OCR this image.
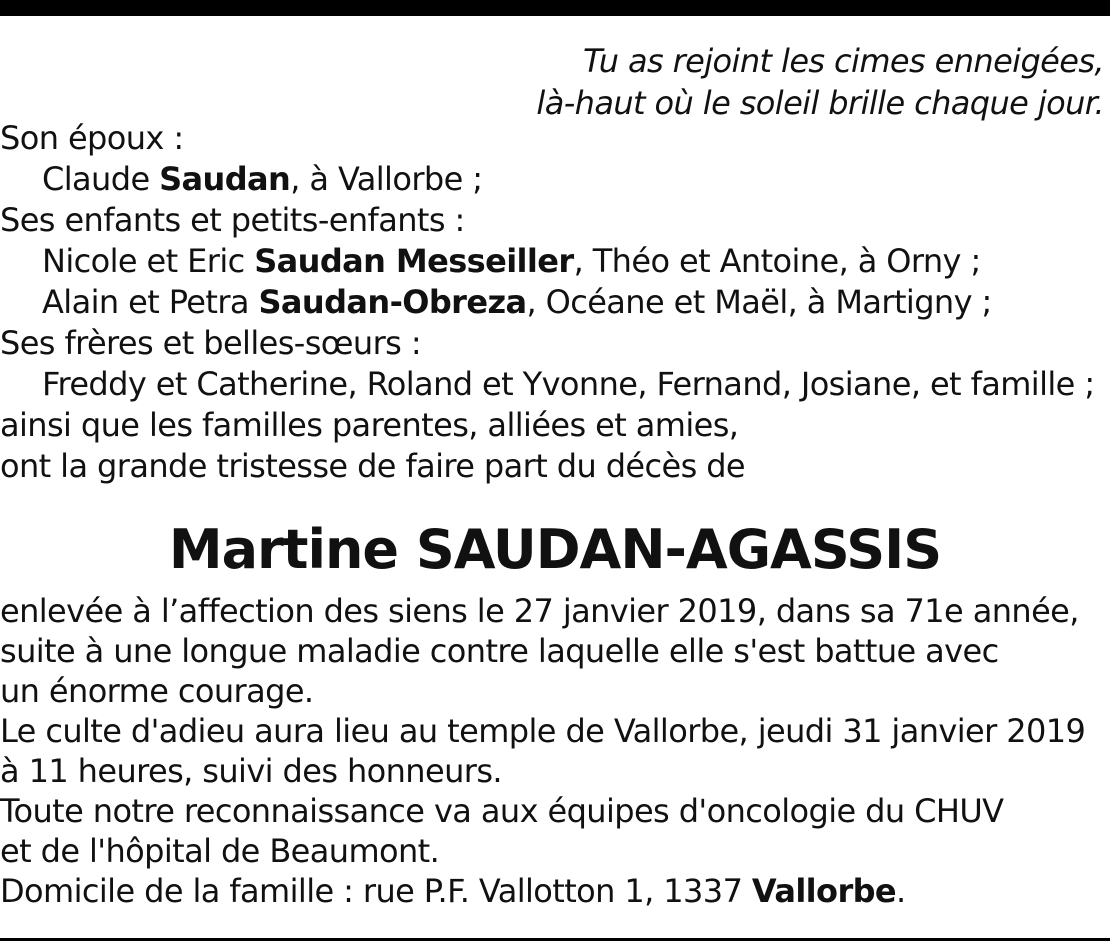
Tu as rejoint les cimes enneigées,
là-haut où le soleil brille chaque jour.
Son époux :
Claude Saudan, à Vallorbe ;
Ses enfants et petits-enfants :
Nicole et Eric Saudan Messeiller, Théo et Antoine, à Orny ;
Alain et Petra Saudan-Obreza, Océane et Maël, à Martigny ;
Ses frères et belles-sœurs :
Freddy et Catherine, Roland et Yvonne, Fernand, Josiane, et famille ;
ainsi que les familles parentes, alliées et amies,
ont la grande tristesse de faire part du décès de
Martine SAUDAN-AGASSIS
enlevée à l’affection des siens le 27 janvier 2019, dans sa 71e année,
suite à une longue maladie contre laquelle elle s'est battue avec
un énorme courage.
Le culte d'adieu aura lieu au temple de Vallorbe, jeudi 31 janvier 2019
à 11 heures, suivi des honneurs.
Toute notre reconnaissance va aux équipes d'oncologie du CHUV
et de l'hôpital de Beaumont.
Domicile de la famille : rue P.F. Vallotton 1, 1337 Vallorbe.
